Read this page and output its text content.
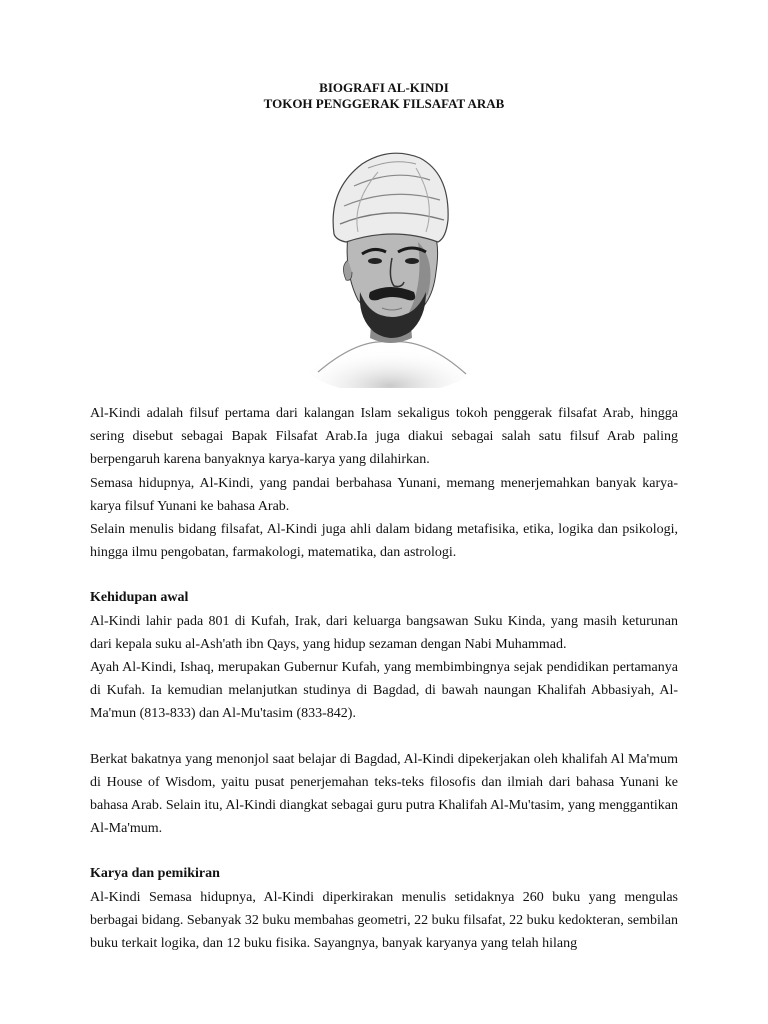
BIOGRAFI AL-KINDI
TOKOH PENGGERAK FILSAFAT ARAB

Al-Kindi adalah filsuf pertama dari kalangan Islam sekaligus tokoh penggerak filsafat Arab, hingga sering disebut sebagai Bapak Filsafat Arab.Ia juga diakui sebagai salah satu filsuf Arab paling berpengaruh karena banyaknya karya-karya yang dilahirkan.

Semasa hidupnya, Al-Kindi, yang pandai berbahasa Yunani, memang menerjemahkan banyak karya-karya filsuf Yunani ke bahasa Arab.

Selain menulis bidang filsafat, Al-Kindi juga ahli dalam bidang metafisika, etika, logika dan psikologi, hingga ilmu pengobatan, farmakologi, matematika, dan astrologi.

Kehidupan awal

Al-Kindi lahir pada 801 di Kufah, Irak, dari keluarga bangsawan Suku Kinda, yang masih keturunan dari kepala suku al-Ash'ath ibn Qays, yang hidup sezaman dengan Nabi Muhammad.

Ayah Al-Kindi, Ishaq, merupakan Gubernur Kufah, yang membimbingnya sejak pendidikan pertamanya di Kufah. Ia kemudian melanjutkan studinya di Bagdad, di bawah naungan Khalifah Abbasiyah, Al-Ma'mun (813-833) dan Al-Mu'tasim (833-842).

Berkat bakatnya yang menonjol saat belajar di Bagdad, Al-Kindi dipekerjakan oleh khalifah Al Ma'mum di House of Wisdom, yaitu pusat penerjemahan teks-teks filosofis dan ilmiah dari bahasa Yunani ke bahasa Arab. Selain itu, Al-Kindi diangkat sebagai guru putra Khalifah Al-Mu'tasim, yang menggantikan Al-Ma'mum.

Karya dan pemikiran

Al-Kindi Semasa hidupnya, Al-Kindi diperkirakan menulis setidaknya 260 buku yang mengulas berbagai bidang. Sebanyak 32 buku membahas geometri, 22 buku filsafat, 22 buku kedokteran, sembilan buku terkait logika, dan 12 buku fisika. Sayangnya, banyak karyanya yang telah hilang
